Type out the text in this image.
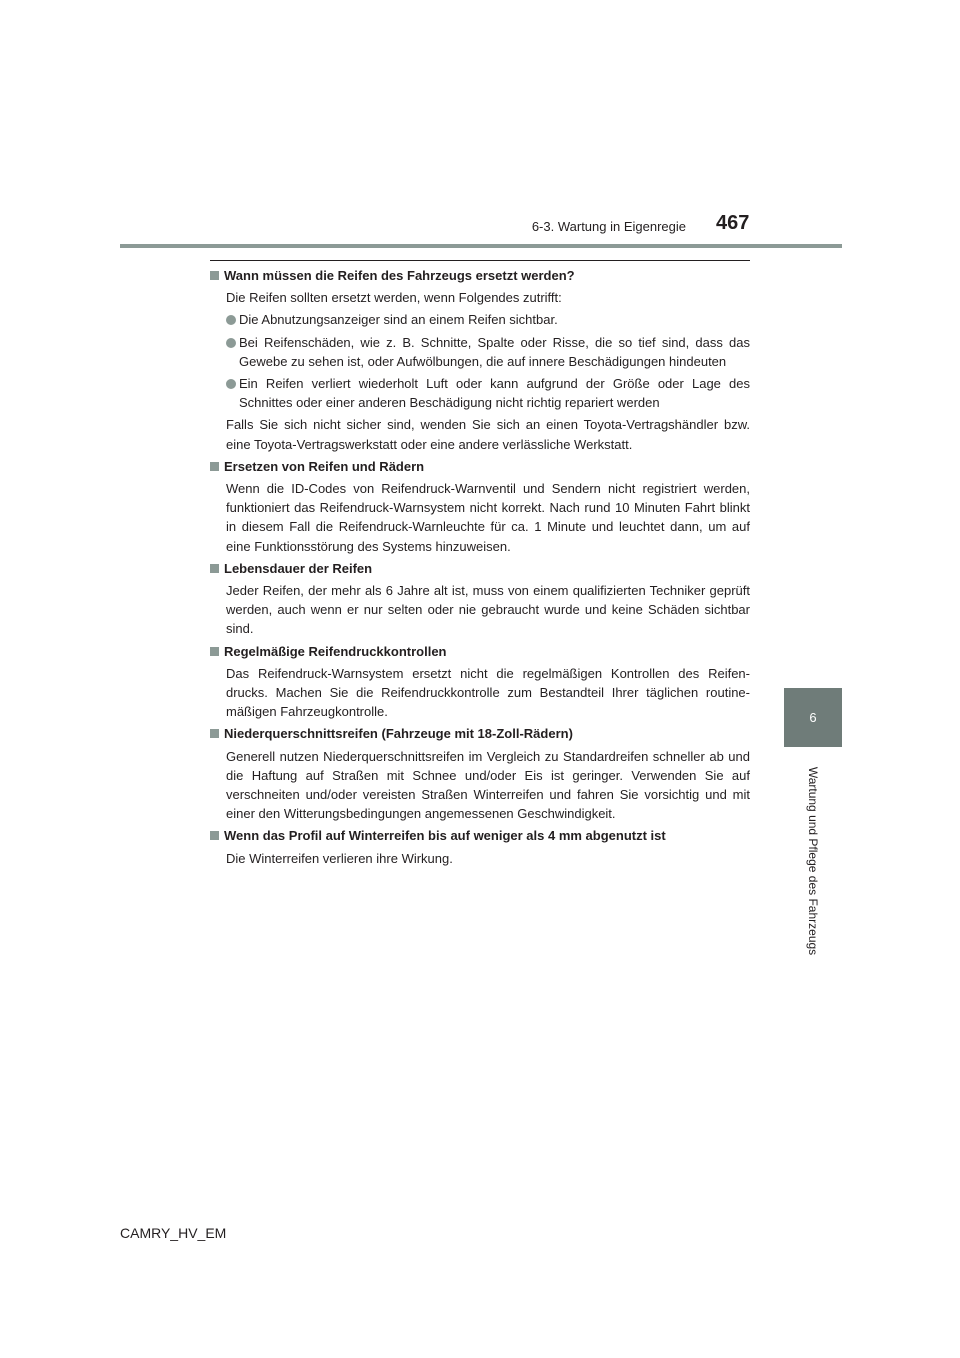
6-3. Wartung in Eigenregie 467
6
Wartung und Pflege des Fahrzeugs
Wann müssen die Reifen des Fahrzeugs ersetzt werden?

Die Reifen sollten ersetzt werden, wenn Folgendes zutrifft:

Die Abnutzungsanzeiger sind an einem Reifen sichtbar.
Bei Reifenschäden, wie z. B. Schnitte, Spalte oder Risse, die so tief sind, dass das Gewebe zu sehen ist, oder Aufwölbungen, die auf innere Beschädigungen hindeuten
Ein Reifen verliert wiederholt Luft oder kann aufgrund der Größe oder Lage des Schnittes oder einer anderen Beschädigung nicht richtig repariert werden

Falls Sie sich nicht sicher sind, wenden Sie sich an einen Toyota-Vertragshändler bzw. eine Toyota-Vertragswerkstatt oder eine andere verlässliche Werkstatt.

Ersetzen von Reifen und Rädern

Wenn die ID-Codes von Reifendruck-Warnventil und Sendern nicht registriert werden, funktioniert das Reifendruck-Warnsystem nicht korrekt. Nach rund 10 Minuten Fahrt blinkt in diesem Fall die Reifendruck-Warnleuchte für ca. 1 Minute und leuchtet dann, um auf eine Funktionsstörung des Systems hinzuweisen.

Lebensdauer der Reifen

Jeder Reifen, der mehr als 6 Jahre alt ist, muss von einem qualifizierten Techniker geprüft werden, auch wenn er nur selten oder nie gebraucht wurde und keine Schäden sichtbar sind.

Regelmäßige Reifendruckkontrollen

Das Reifendruck-Warnsystem ersetzt nicht die regelmäßigen Kontrollen des Reifen-drucks. Machen Sie die Reifendruckkontrolle zum Bestandteil Ihrer täglichen routine-mäßigen Fahrzeugkontrolle.

Niederquerschnittsreifen (Fahrzeuge mit 18-Zoll-Rädern)

Generell nutzen Niederquerschnittsreifen im Vergleich zu Standardreifen schneller ab und die Haftung auf Straßen mit Schnee und/oder Eis ist geringer. Verwenden Sie auf verschneiten und/oder vereisten Straßen Winterreifen und fahren Sie vorsichtig und mit einer den Witterungsbedingungen angemessenen Geschwindigkeit.

Wenn das Profil auf Winterreifen bis auf weniger als 4 mm abgenutzt ist

Die Winterreifen verlieren ihre Wirkung.

CAMRY_HV_EM
